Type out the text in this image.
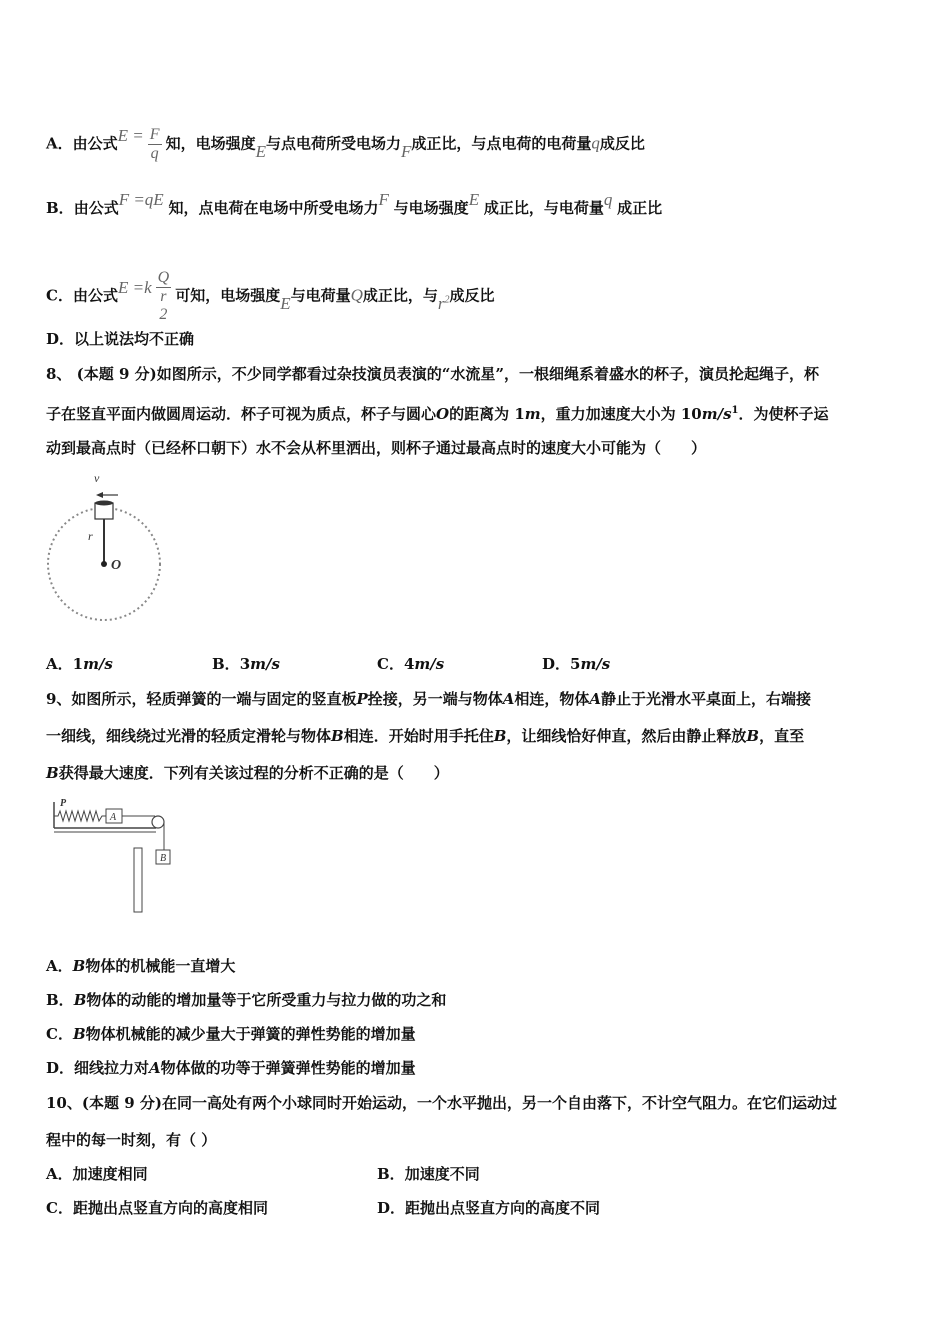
A．由公式$E = \frac{F}{q}$ 知，电场强度E与点电荷所受电场力F成正比，与点电荷的电荷量q成反比
B．由公式F =qE 知，点电荷在电场中所受电场力F 与电场强度E 成正比，与电荷量q 成正比
C．由公式E =k Q
r
2 可知，电场强度E与电荷量Q成正比，与$r^2$成反比
D．以上说法均不正确
8、 (本题 9 分)如图所示，不少同学都看过杂技演员表演的“水流星”，一根细绳系着盛水的杯子，演员抡起绳子，杯
子在竖直平面内做圆周运动．杯子可视为质点，杯子与圆心O的距离为 1m，重力加速度大小为 $10m/s^1$．为使杯子运
动到最高点时（已经杯口朝下）水不会从杯里洒出，则杯子通过最高点时的速度大小可能为（　　）
v
r
O
A．1m/s	B．3m/s	C．4m/s	D．5m/s
9、如图所示，轻质弹簧的一端与固定的竖直板P拴接，另一端与物体A相连，物体A静止于光滑水平桌面上，右端接
一细线，细线绕过光滑的轻质定滑轮与物体B相连．开始时用手托住B，让细线恰好伸直，然后由静止释放B，直至
B获得最大速度．下列有关该过程的分析不正确的是（　　）
P
A
B
A．B物体的机械能一直增大
B．B物体的动能的增加量等于它所受重力与拉力做的功之和
C．B物体机械能的减少量大于弹簧的弹性势能的增加量
D．细线拉力对A物体做的功等于弹簧弹性势能的增加量
10、(本题 9 分)在同一高处有两个小球同时开始运动，一个水平抛出，另一个自由落下，不计空气阻力。在它们运动过
程中的每一时刻，有（ ）
A．加速度相同	B．加速度不同
C．距抛出点竖直方向的高度相同	D．距抛出点竖直方向的高度不同
